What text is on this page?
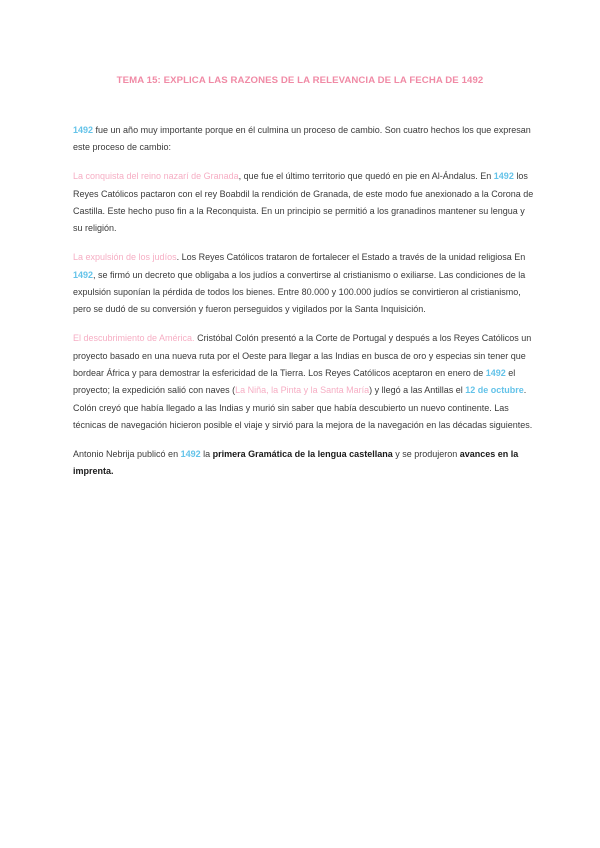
TEMA 15: EXPLICA LAS RAZONES DE LA RELEVANCIA DE LA FECHA DE 1492

1492 fue un año muy importante porque en él culmina un proceso de cambio. Son cuatro hechos los que expresan este proceso de cambio:

La conquista del reino nazarí de Granada, que fue el último territorio que quedó en pie en Al-Ándalus. En 1492 los Reyes Católicos pactaron con el rey Boabdil la rendición de Granada, de este modo fue anexionado a la Corona de Castilla. Este hecho puso fin a la Reconquista. En un principio se permitió a los granadinos mantener su lengua y su religión.

La expulsión de los judíos. Los Reyes Católicos trataron de fortalecer el Estado a través de la unidad religiosa En 1492, se firmó un decreto que obligaba a los judíos a convertirse al cristianismo o exiliarse. Las condiciones de la expulsión suponían la pérdida de todos los bienes. Entre 80.000 y 100.000 judíos se convirtieron al cristianismo, pero se dudó de su conversión y fueron perseguidos y vigilados por la Santa Inquisición.

El descubrimiento de América. Cristóbal Colón presentó a la Corte de Portugal y después a los Reyes Católicos un proyecto basado en una nueva ruta por el Oeste para llegar a las Indias en busca de oro y especias sin tener que bordear África y para demostrar la esfericidad de la Tierra. Los Reyes Católicos aceptaron en enero de 1492 el proyecto; la expedición salió con naves (La Niña, la Pinta y la Santa María) y llegó a las Antillas el 12 de octubre. Colón creyó que había llegado a las Indias y murió sin saber que había descubierto un nuevo continente. Las técnicas de navegación hicieron posible el viaje y sirvió para la mejora de la navegación en las décadas siguientes.

Antonio Nebrija publicó en 1492 la primera Gramática de la lengua castellana y se produjeron avances en la imprenta.
